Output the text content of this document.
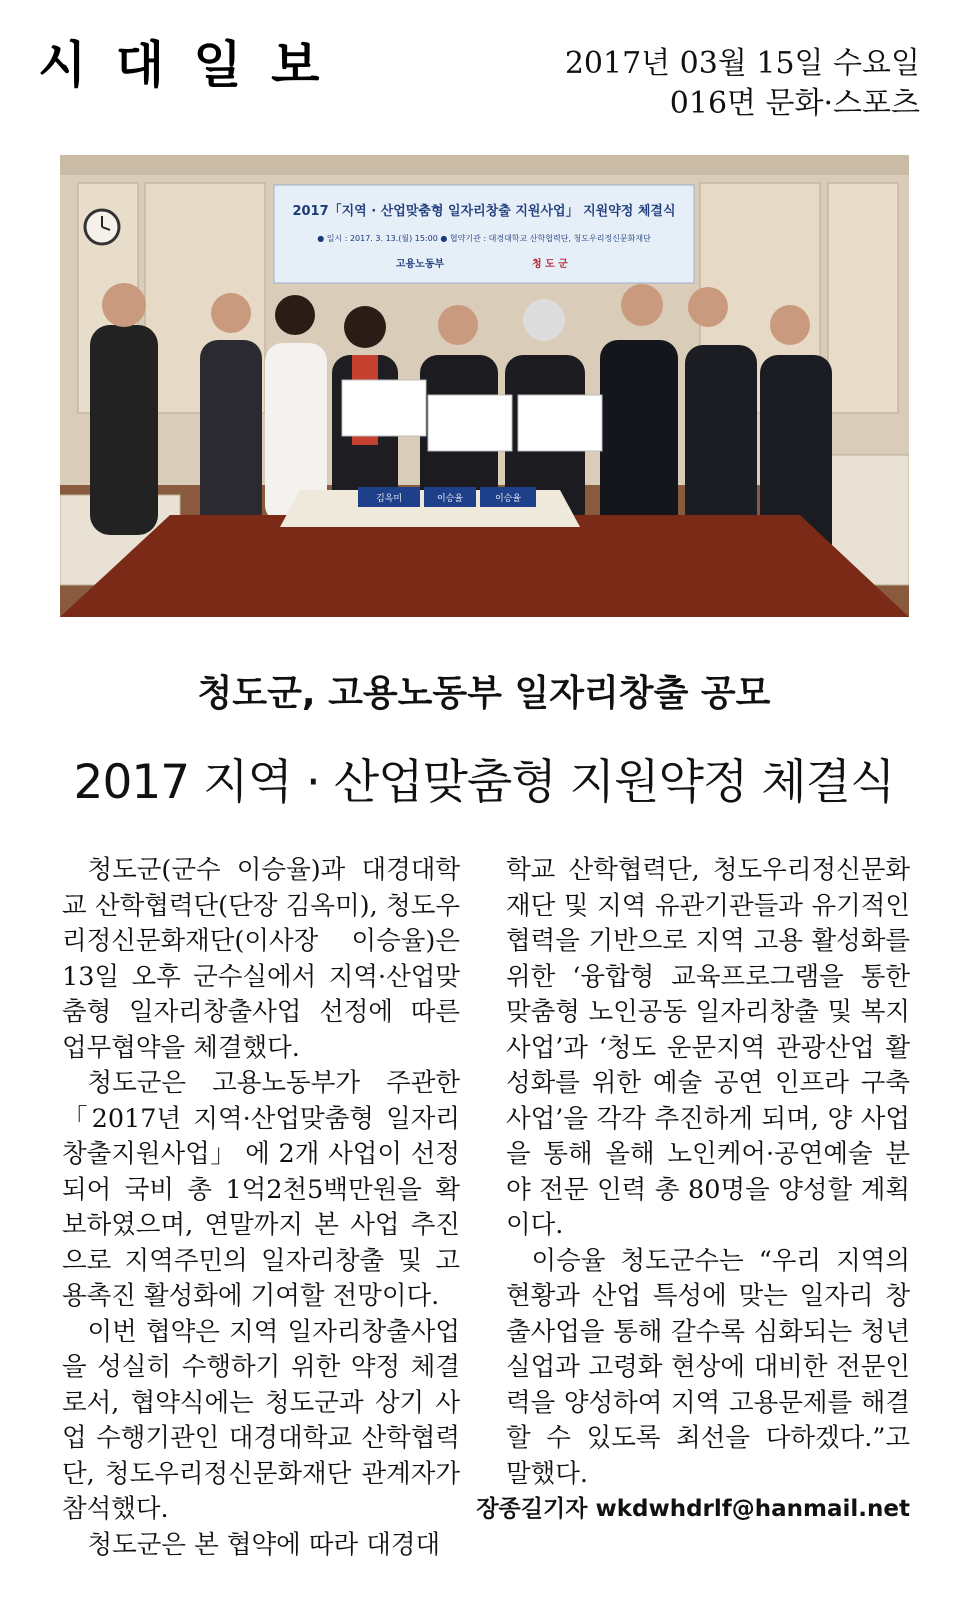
시 대 일 보	2017년 03월 15일 수요일
016면 문화·스포츠
2017「지역 · 산업맞춤형 일자리창출 지원사업」 지원약정 체결식
● 일시 : 2017. 3. 13.(월) 15:00 ● 협약기관 : 대경대학교 산학협력단, 청도우리정신문화재단
고용노동부	청 도 군
김옥미	이승율	이승율
청도군, 고용노동부 일자리창출 공모
2017 지역 · 산업맞춤형 지원약정 체결식

청도군(군수 이승율)과 대경대학교 산학협력단(단장 김옥미), 청도우리정신문화재단(이사장 이승율)은 13일 오후 군수실에서 지역·산업맞춤형 일자리창출사업 선정에 따른 업무협약을 체결했다.

청도군은 고용노동부가 주관한 「2017년 지역·산업맞춤형 일자리창출지원사업」 에 2개 사업이 선정되어 국비 총 1억2천5백만원을 확보하였으며, 연말까지 본 사업 추진으로 지역주민의 일자리창출 및 고용촉진 활성화에 기여할 전망이다.

이번 협약은 지역 일자리창출사업을 성실히 수행하기 위한 약정 체결로서, 협약식에는 청도군과 상기 사업 수행기관인 대경대학교 산학협력단, 청도우리정신문화재단 관계자가 참석했다.

청도군은 본 협약에 따라 대경대

학교 산학협력단, 청도우리정신문화재단 및 지역 유관기관들과 유기적인 협력을 기반으로 지역 고용 활성화를 위한 ‘융합형 교육프로그램을 통한 맞춤형 노인공동 일자리창출 및 복지사업’과 ‘청도 운문지역 관광산업 활성화를 위한 예술 공연 인프라 구축사업’을 각각 추진하게 되며, 양 사업을 통해 올해 노인케어·공연예술 분야 전문 인력 총 80명을 양성할 계획이다.

이승율 청도군수는 “우리 지역의 현황과 산업 특성에 맞는 일자리 창출사업을 통해 갈수록 심화되는 청년실업과 고령화 현상에 대비한 전문인력을 양성하여 지역 고용문제를 해결할 수 있도록 최선을 다하겠다.”고 말했다.

장종길기자 wkdwhdrlf@hanmail.net
